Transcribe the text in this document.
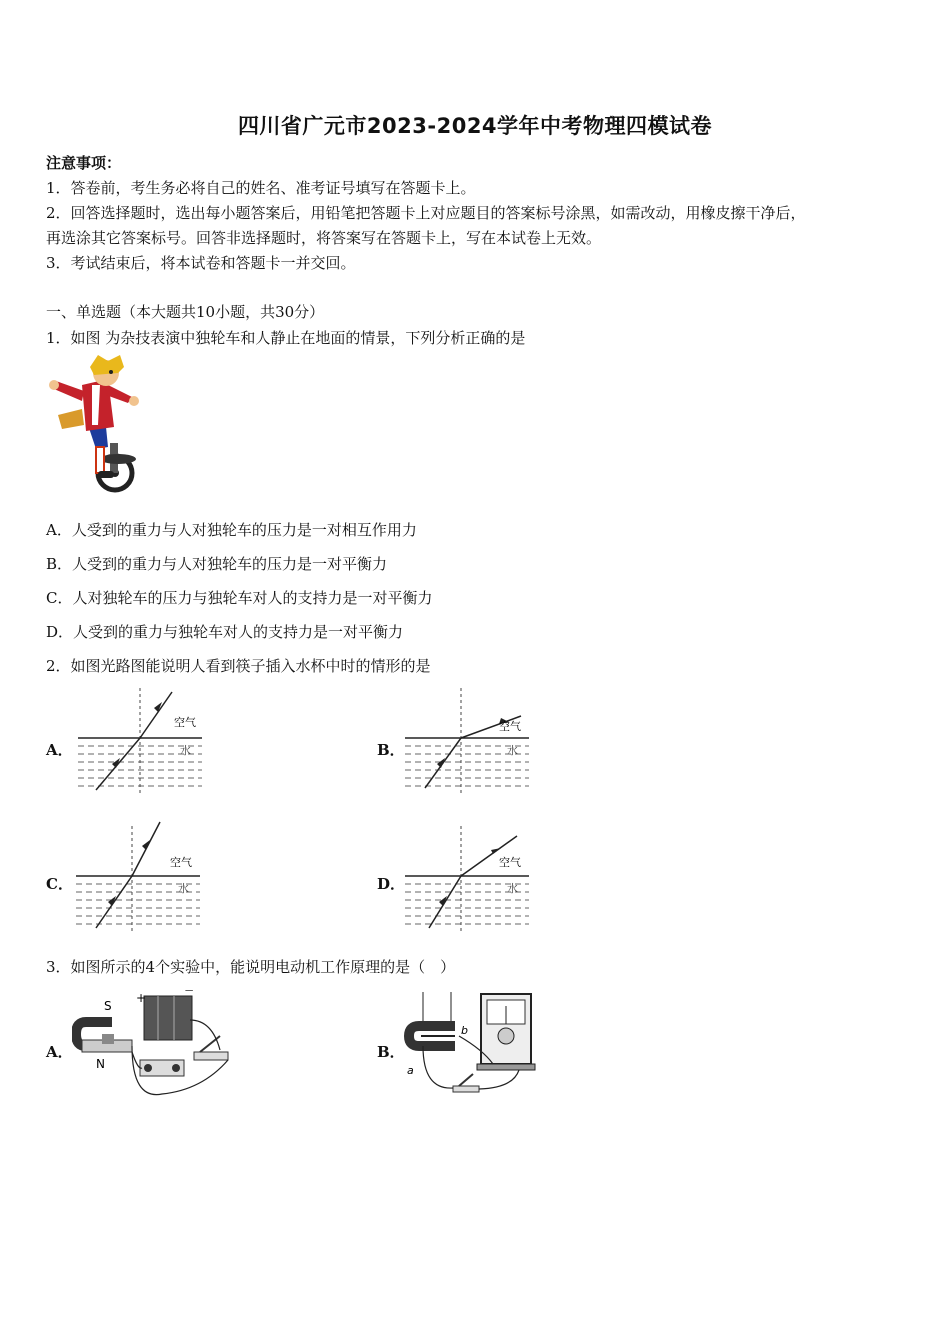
四川省广元市2023-2024学年中考物理四模试卷
注意事项：
1．答卷前，考生务必将自己的姓名、准考证号填写在答题卡上。
2．回答选择题时，选出每小题答案后，用铅笔把答题卡上对应题目的答案标号涂黑，如需改动，用橡皮擦干净后，
再选涂其它答案标号。回答非选择题时，将答案写在答题卡上，写在本试卷上无效。
3．考试结束后，将本试卷和答题卡一并交回。
一、单选题（本大题共10小题，共30分）
1．如图 为杂技表演中独轮车和人静止在地面的情景，下列分析正确的是
A．人受到的重力与人对独轮车的压力是一对相互作用力
B．人受到的重力与人对独轮车的压力是一对平衡力
C．人对独轮车的压力与独轮车对人的支持力是一对平衡力
D．人受到的重力与独轮车对人的支持力是一对平衡力
2．如图光路图能说明人看到筷子插入水杯中时的情形的是
A．	B．
C．	D．
空气
水
空气
水
空气
水
空气
水
3．如图所示的4个实验中，能说明电动机工作原理的是（　）
A．	B．
S
N
+
−
b
a
